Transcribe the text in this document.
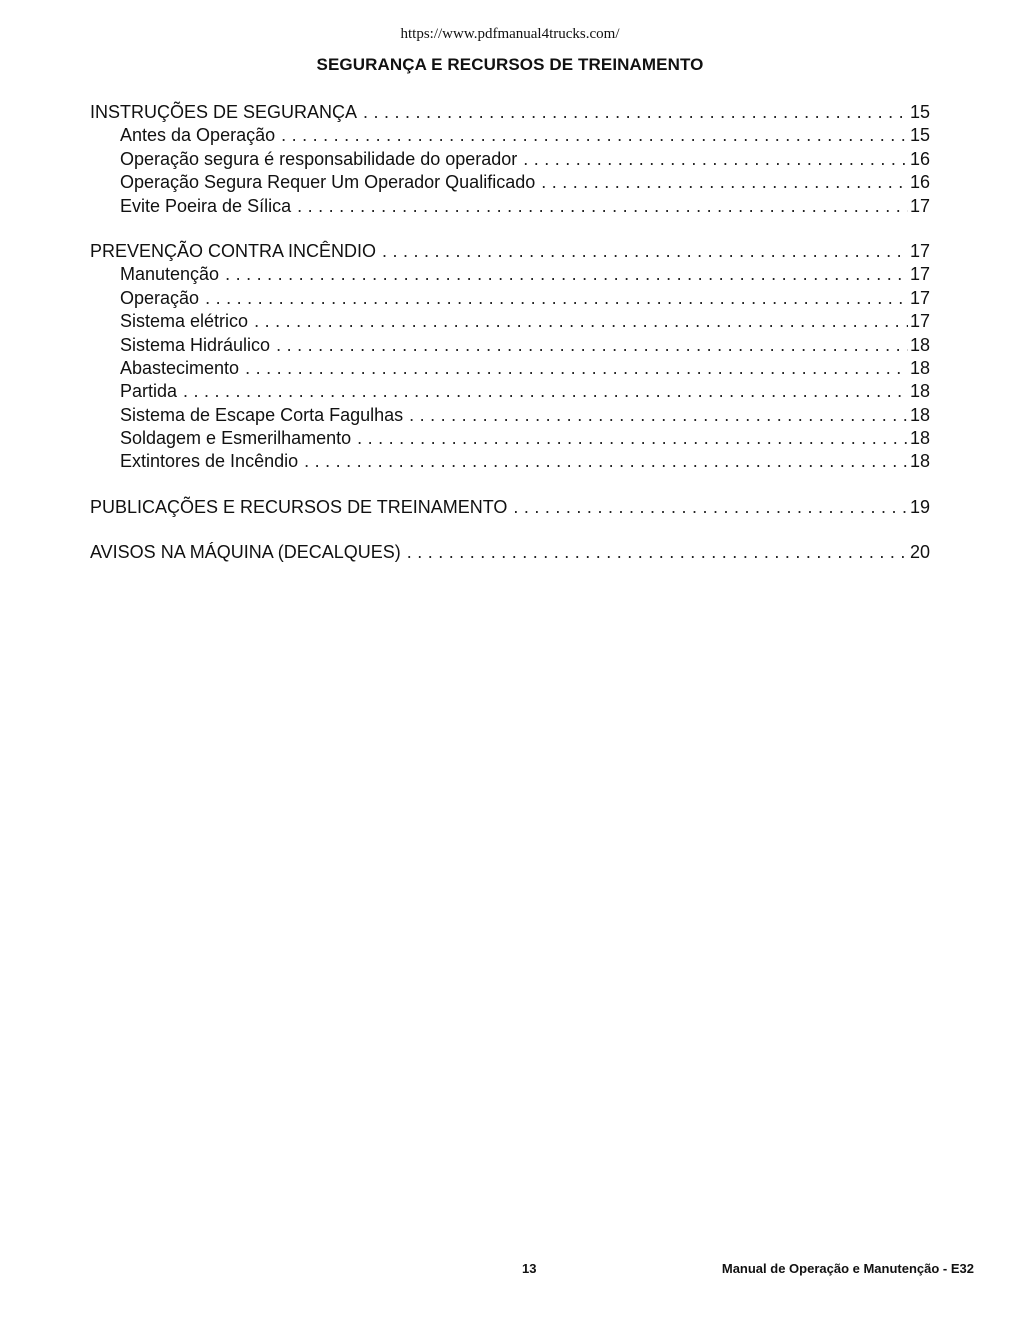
https://www.pdfmanual4trucks.com/
SEGURANÇA E RECURSOS DE TREINAMENTO
INSTRUÇÕES DE SEGURANÇA . . .	15
Antes da Operação . . .	15
Operação segura é responsabilidade do operador . . .	16
Operação Segura Requer Um Operador Qualificado . . .	16
Evite Poeira de Sílica . . .	17
PREVENÇÃO CONTRA INCÊNDIO . . .	17
Manutenção . . .	17
Operação . . .	17
Sistema elétrico . . .	17
Sistema Hidráulico . . .	18
Abastecimento . . .	18
Partida . . .	18
Sistema de Escape Corta Fagulhas . . .	18
Soldagem e Esmerilhamento . . .	18
Extintores de Incêndio . . .	18
PUBLICAÇÕES E RECURSOS DE TREINAMENTO . . .	19
AVISOS NA MÁQUINA (DECALQUES) . . .	20
13	Manual de Operação e Manutenção - E32
